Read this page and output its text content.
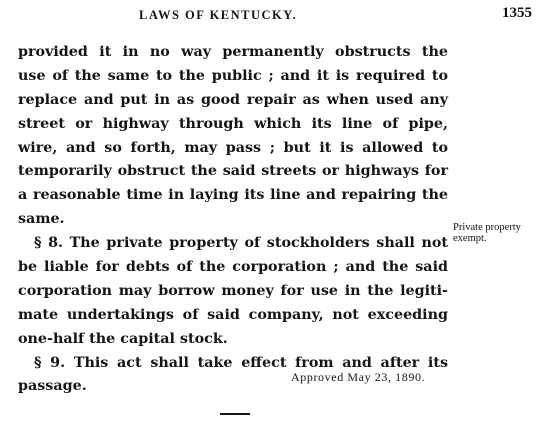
LAWS OF KENTUCKY.	1355
provided it in no way permanently obstructs the
use of the same to the public ; and it is required to
replace and put in as good repair as when used any
street or highway through which its line of pipe,
wire, and so forth, may pass ; but it is allowed to
temporarily obstruct the said streets or highways for
a reasonable time in laying its line and repairing the
same.
§ 8. The private property of stockholders shall not
be liable for debts of the corporation ; and the said
corporation may borrow money for use in the legiti-
mate undertakings of said company, not exceeding
one-half the capital stock.
§ 9. This act shall take effect from and after its
passage.
Private property
exempt.
Approved May 23, 1890.
